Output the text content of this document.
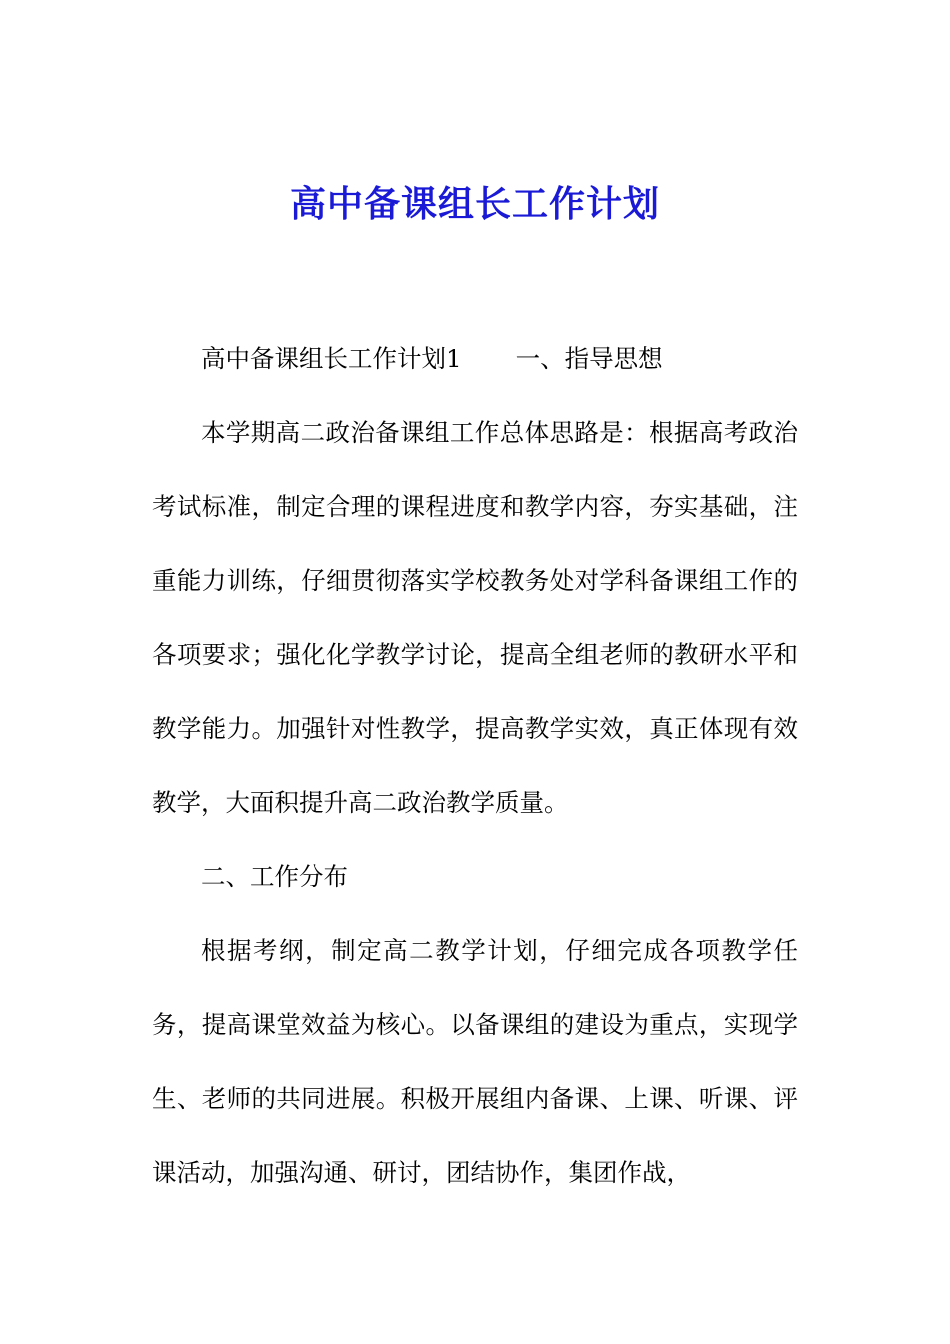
高中备课组长工作计划

高中备课组长工作计划1 一、指导思想

本学期高二政治备课组工作总体思路是：根据高考政治考试标准，制定合理的课程进度和教学内容，夯实基础，注重能力训练，仔细贯彻落实学校教务处对学科备课组工作的各项要求；强化化学教学讨论，提高全组老师的教研水平和教学能力。加强针对性教学，提高教学实效，真正体现有效教学，大面积提升高二政治教学质量。

二、工作分布

根据考纲，制定高二教学计划，仔细完成各项教学任务，提高课堂效益为核心。以备课组的建设为重点，实现学生、老师的共同进展。积极开展组内备课、上课、听课、评课活动，加强沟通、研讨，团结协作，集团作战，
